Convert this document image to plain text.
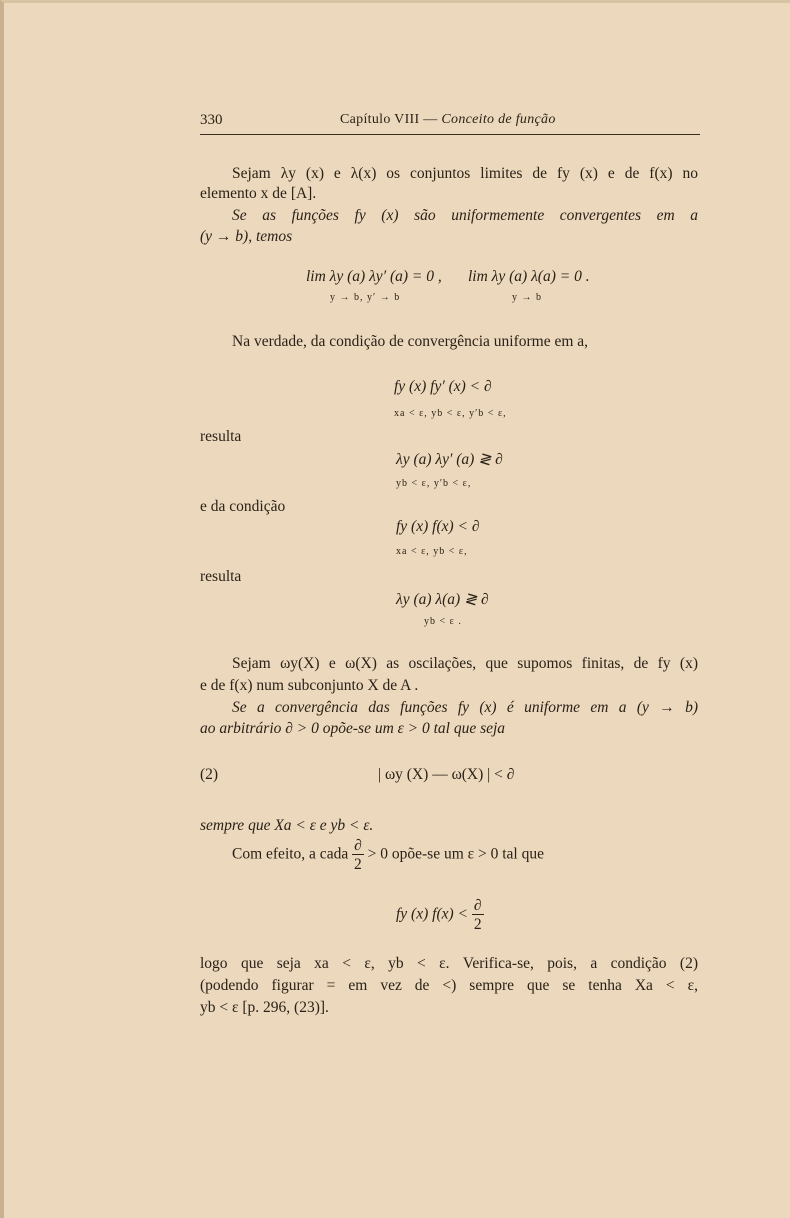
330	Capítulo VIII — Conceito de função
Sejam λy (x) e λ(x) os conjuntos limites de fy (x) e de f(x) no
elemento x de [A].
Se as funções fy (x) são uniformemente convergentes em a
(y → b), temos
lim λy (a) λy′ (a) = 0 ,
y → b, y′ → b
lim λy (a) λ(a) = 0 .
y → b
Na verdade, da condição de convergência uniforme em a,
fy (x) fy′ (x) < ∂
xa < ε, yb < ε, y′b < ε,
resulta
λy (a) λy′ (a) ≷ ∂
yb < ε, y′b < ε,
e da condição
fy (x) f(x) < ∂
xa < ε, yb < ε,
resulta
λy (a) λ(a) ≷ ∂
yb < ε .
Sejam ωy(X) e ω(X) as oscilações, que supomos finitas, de fy (x)
e de f(x) num subconjunto X de A .
Se a convergência das funções fy (x) é uniforme em a (y → b)
ao arbitrário ∂ > 0 opõe-se um ε > 0 tal que seja
(2)	| ωy (X) — ω(X) | < ∂
sempre que Xa < ε e yb < ε.
Com efeito, a cada $\frac{\partial}{2} > 0$ opõe-se um ε > 0 tal que
fy (x) $f(x) < \frac{\partial}{2}$
logo que seja xa < ε, yb < ε. Verifica-se, pois, a condição (2)
(podendo figurar = em vez de <) sempre que se tenha Xa < ε,
yb < ε [p. 296, (23)].
